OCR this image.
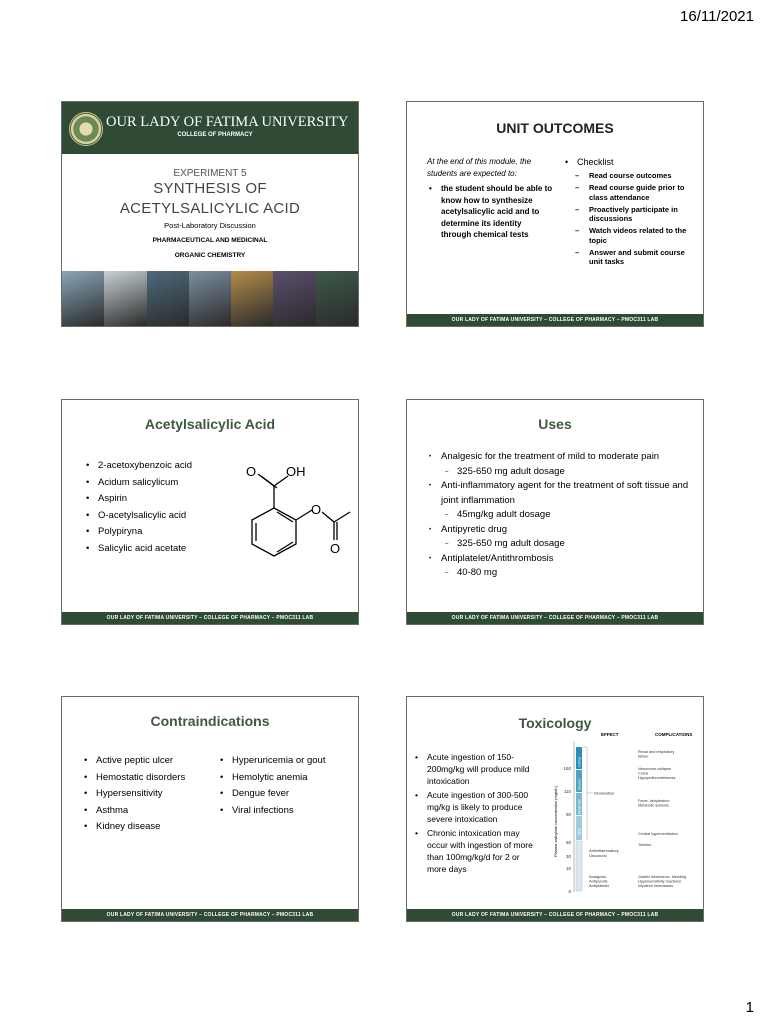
16/11/2021
OUR LADY OF FATIMA UNIVERSITY
COLLEGE OF PHARMACY
EXPERIMENT 5
SYNTHESIS OF
ACETYLSALICYLIC ACID
Post-Laboratory Discussion
PHARMACEUTICAL AND MEDICINAL
ORGANIC CHEMISTRY
UNIT OUTCOMES
At the end of this module, the students are expected to:
• the student should be able to know how to synthesize acetylsalicylic acid and to determine its identity through chemical tests
• Checklist
– Read course outcomes
– Read course guide prior to class attendance
– Proactively participate in discussions
– Watch videos related to the topic
– Answer and submit course unit tasks
OUR LADY OF FATIMA UNIVERSITY – COLLEGE OF PHARMACY – PMOC311 LAB
Acetylsalicylic Acid
• 2-acetoxybenzoic acid
• Acidum salicylicum
• Aspirin
• O-acetylsalicylic acid
• Polypiryna
• Salicylic acid acetate
O OH
O
O
OUR LADY OF FATIMA UNIVERSITY – COLLEGE OF PHARMACY – PMOC311 LAB
Uses
• Analgesic for the treatment of mild to moderate pain
– 325-650 mg adult dosage
• Anti-inflammatory agent for the treatment of soft tissue and joint inflammation
– 45mg/kg adult dosage
• Antipyretic drug
– 325-650 mg adult dosage
• Antiplatelet/Antithrombosis
– 40-80 mg
OUR LADY OF FATIMA UNIVERSITY – COLLEGE OF PHARMACY – PMOC311 LAB
Contraindications
• Active peptic ulcer
• Hemostatic disorders
• Hypersensitivity
• Asthma
• Kidney disease
• Hyperuricemia or gout
• Hemolytic anemia
• Dengue fever
• Viral infections
OUR LADY OF FATIMA UNIVERSITY – COLLEGE OF PHARMACY – PMOC311 LAB
Toxicology
• Acute ingestion of 150-200mg/kg will produce mild intoxication
• Acute ingestion of 300-500 mg/kg is likely to produce severe intoxication
• Chronic intoxication may occur with ingestion of more than 100mg/kg/d for 2 or more days
EFFECT	COMPLICATIONS
Plasma salicylate concentration (mg/dL)
160
110
90
50
30
10
0
Lethal
Severe
Moderate
Mild
Intoxication
Antiinflammatory
Uricosuric
Analgesic
Antipyretic
Antiplatelet
Renal and respiratory
failure
Vasomotor collapse
Coma
Hypoprothrombinemia
Fever, dehydration
Metabolic acidosis
Central hyperventilation
Tinnitus
Gastric intolerance, bleeding
Hypersensitivity reactions
Impaired hemostasis
OUR LADY OF FATIMA UNIVERSITY – COLLEGE OF PHARMACY – PMOC311 LAB
1
